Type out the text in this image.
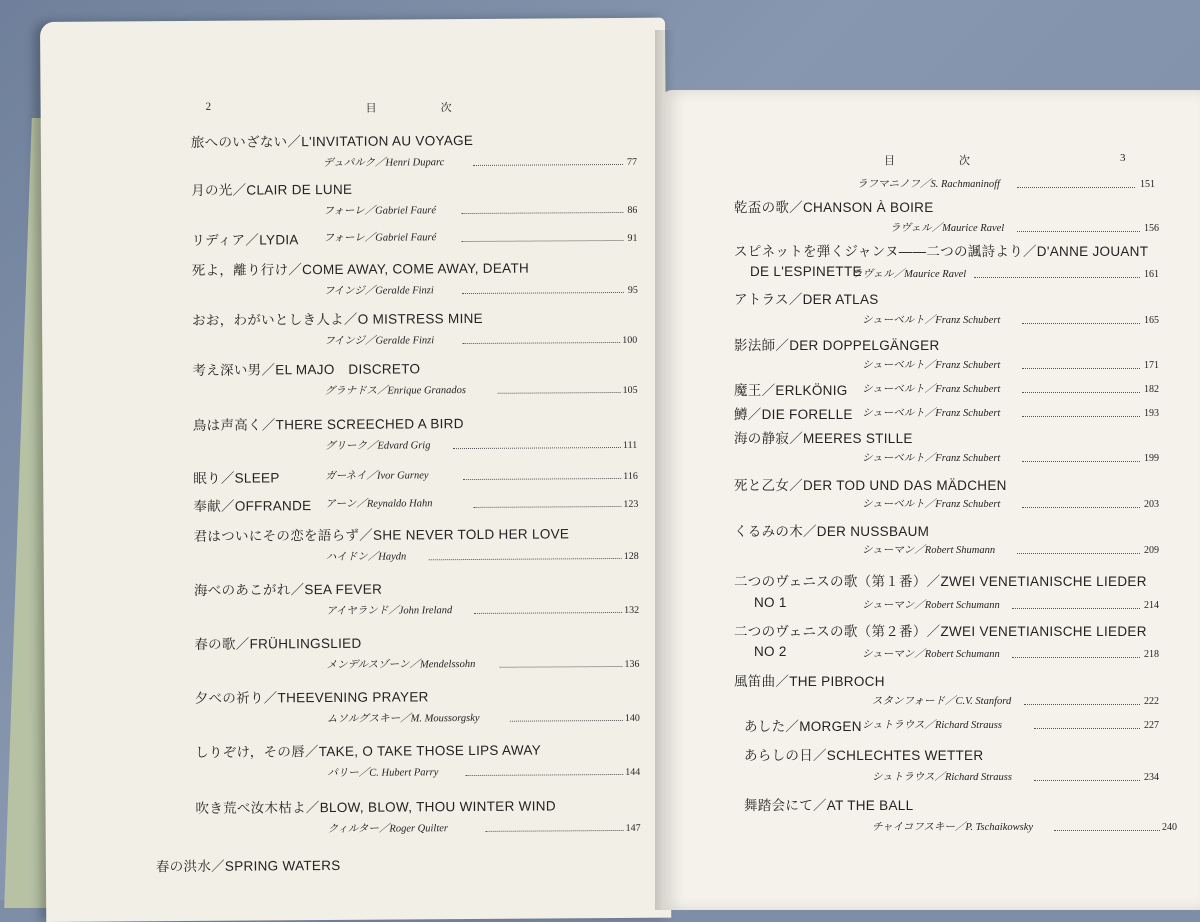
2	目　　次
旅へのいざない／L'INVITATION AU VOYAGE
デュパルク／Henri Duparc	77
月の光／CLAIR DE LUNE
フォーレ／Gabriel Fauré	86
リディア／LYDIA フォーレ／Gabriel Fauré	91
死よ，離り行け／COME AWAY, COME AWAY, DEATH
フインジ／Geralde Finzi	95
おお，わがいとしき人よ／O MISTRESS MINE
フインジ／Geralde Finzi	100
考え深い男／EL MAJO　DISCRETO
グラナドス／Enrique Granados	105
鳥は声高く／THERE SCREECHED A BIRD
グリーク／Edvard Grig	111
眠り／SLEEP	ガーネイ／Ivor Gurney	116
奉献／OFFRANDE アーン／Reynaldo Hahn	123
君はついにその恋を語らず／SHE NEVER TOLD HER LOVE
ハイドン／Haydn	128
海べのあこがれ／SEA FEVER
アイヤランド／John Ireland	132
春の歌／FRÜHLINGSLIED
メンデルスゾーン／Mendelssohn	136
夕べの祈り／THEEVENING PRAYER
ムソルグスキー／M. Moussorgsky	140
しりぞけ，その唇／TAKE, O TAKE THOSE LIPS AWAY
パリー／C. Hubert Parry	144
吹き荒べ汝木枯よ／BLOW, BLOW, THOU WINTER WIND
クィルター／Roger Quilter	147
春の洪水／SPRING WATERS
目　　次	3
ラフマニノフ／S. Rachmaninoff	151
乾盃の歌／CHANSON À BOIRE
ラヴェル／Maurice Ravel	156
スピネットを弾くジャンヌ――二つの諷詩より／D'ANNE JOUANT
DE L'ESPINETTE
ラヴェル／Maurice Ravel	161
アトラス／DER ATLAS
シューベルト／Franz Schubert	165
影法師／DER DOPPELGÄNGER
シューベルト／Franz Schubert	171
魔王／ERLKÖNIG シューベルト／Franz Schubert	182
鱒／DIE FORELLE シューベルト／Franz Schubert	193
海の静寂／MEERES STILLE
シューベルト／Franz Schubert	199
死と乙女／DER TOD UND DAS MÄDCHEN
シューベルト／Franz Schubert	203
くるみの木／DER NUSSBAUM
シューマン／Robert Shumann	209
二つのヴェニスの歌（第１番）／ZWEI VENETIANISCHE LIEDER
NO 1	シューマン／Robert Schumann	214
二つのヴェニスの歌（第２番）／ZWEI VENETIANISCHE LIEDER
NO 2	シューマン／Robert Schumann	218
風笛曲／THE PIBROCH
スタンフォード／C.V. Stanford	222
あした／MORGEN シュトラウス／Richard Strauss	227
あらしの日／SCHLECHTES WETTER
シュトラウス／Richard Strauss	234
舞踏会にて／AT THE BALL
チャイコフスキー／P. Tschaikowsky	240
